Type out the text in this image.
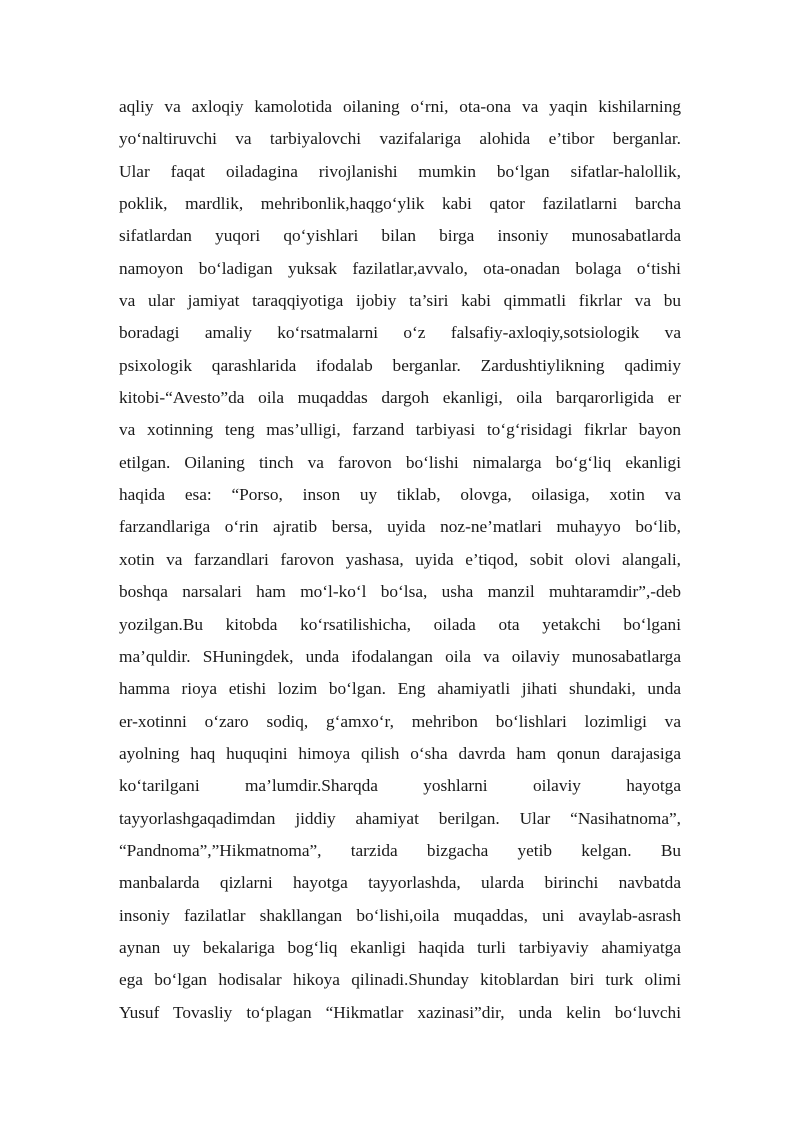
aqliy va axloqiy kamolotida oilaning o‘rni, ota-ona va yaqin kishilarning
yo‘naltiruvchi va tarbiyalovchi vazifalariga alohida e’tibor berganlar.
Ular faqat oiladagina rivojlanishi mumkin bo‘lgan sifatlar-halollik,
poklik, mardlik, mehribonlik,haqgo‘ylik kabi qator fazilatlarni barcha
sifatlardan yuqori qo‘yishlari bilan birga insoniy munosabatlarda
namoyon bo‘ladigan yuksak fazilatlar,avvalo, ota-onadan bolaga o‘tishi
va ular jamiyat taraqqiyotiga ijobiy ta’siri kabi qimmatli fikrlar va bu
boradagi amaliy ko‘rsatmalarni o‘z falsafiy-axloqiy,sotsiologik va
psixologik qarashlarida ifodalab berganlar. Zardushtiylikning qadimiy
kitobi-“Avesto”da oila muqaddas dargoh ekanligi, oila barqarorligida er
va xotinning teng mas’ulligi, farzand tarbiyasi to‘g‘risidagi fikrlar bayon
etilgan. Oilaning tinch va farovon bo‘lishi nimalarga bo‘g‘liq ekanligi
haqida esa: “Porso, inson uy tiklab, olovga, oilasiga, xotin va
farzandlariga o‘rin ajratib bersa, uyida noz-ne’matlari muhayyo bo‘lib,
xotin va farzandlari farovon yashasa, uyida e’tiqod, sobit olovi alangali,
boshqa narsalari ham mo‘l-ko‘l bo‘lsa, usha manzil muhtaramdir”,-deb
yozilgan.Bu kitobda ko‘rsatilishicha, oilada ota yetakchi bo‘lgani
ma’quldir. SHuningdek, unda ifodalangan oila va oilaviy munosabatlarga
hamma rioya etishi lozim bo‘lgan. Eng ahamiyatli jihati shundaki, unda
er-xotinni o‘zaro sodiq, g‘amxo‘r, mehribon bo‘lishlari lozimligi va
ayolning haq huquqini himoya qilish o‘sha davrda ham qonun darajasiga
ko‘tarilgani ma’lumdir.Sharqda yoshlarni oilaviy hayotga
tayyorlashgaqadimdan jiddiy ahamiyat berilgan. Ular “Nasihatnoma”,
“Pandnoma”,”Hikmatnoma”, tarzida bizgacha yetib kelgan. Bu
manbalarda qizlarni hayotga tayyorlashda, ularda birinchi navbatda
insoniy fazilatlar shakllangan bo‘lishi,oila muqaddas, uni avaylab-asrash
aynan uy bekalariga bog‘liq ekanligi haqida turli tarbiyaviy ahamiyatga
ega bo‘lgan hodisalar hikoya qilinadi.Shunday kitoblardan biri turk olimi
Yusuf Tovasliy to‘plagan “Hikmatlar xazinasi”dir, unda kelin bo‘luvchi
